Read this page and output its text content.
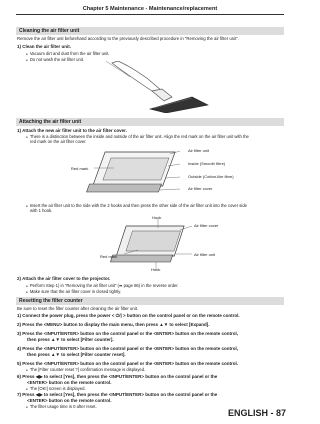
Chapter 5 Maintenance - Maintenance/replacement
Cleaning the air filter unit
Remove the air filter unit beforehand according to the previously described procedure in “Removing the air filter unit”.
1) Clean the air filter unit.
● Vacuum dirt and dust from the air filter unit.
● Do not wash the air filter unit.
Attaching the air filter unit
1) Attach the new air filter unit to the air filter cover.
● There is a distinction between the inside and outside of the air filter unit. Align the red mark on the air filter unit with the
red mark on the air filter cover.
Air filter unit
Red mark
Inside (Smooth fibre)
Outside (Cotton-like fibre)
Air filter cover
● Insert the air filter unit to the side with the 2 hooks and then press the other side of the air filter unit into the cover side
with 1 hook.
Hook
Air filter cover
Red mark	Air filter unit
Hook
2) Attach the air filter cover to the projector.
● Perform Step 1) in “Removing the air filter unit” (➡ page 86) in the reverse order.
● Make sure that the air filter cover is closed tightly.
Resetting the filter counter
Be sure to reset the filter counter after cleaning the air filter unit.
1) Connect the power plug, press the power < ⏻/| > button on the control panel or on the remote control.
2) Press the <MENU> button to display the main menu, then press ▲▼ to select [Expand].
3) Press the <INPUT/ENTER> button on the control panel or the <ENTER> button on the remote control,
then press ▲▼ to select [Filter counter].
4) Press the <INPUT/ENTER> button on the control panel or the <ENTER> button on the remote control,
then press ▲▼ to select [Filter counter reset].
5) Press the <INPUT/ENTER> button on the control panel or the <ENTER> button on the remote control.
● The [Filter counter reset ?] confirmation message is displayed.
6) Press ◀▶ to select [Yes], then press the <INPUT/ENTER> button on the control panel or the
<ENTER> button on the remote control.
● The [OK!] screen is displayed.
7) Press ◀▶ to select [Yes], then press the <INPUT/ENTER> button on the control panel or the
<ENTER> button on the remote control.
● The filter usage time is 0 after reset.
ENGLISH - 87
